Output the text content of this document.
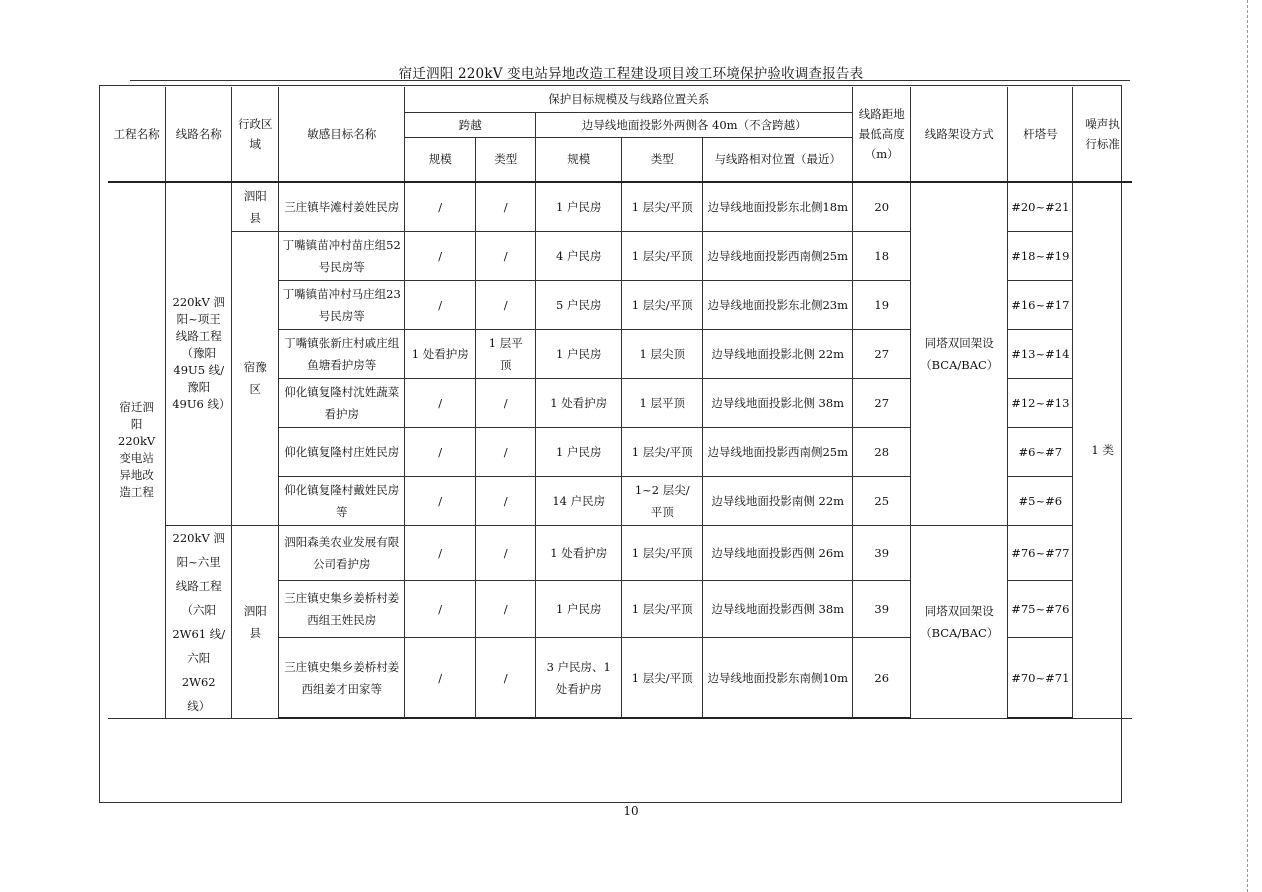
宿迁泗阳 220kV 变电站异地改造工程建设项目竣工环境保护验收调查报告表
工程名称	线路名称	行政区域	敏感目标名称	保护目标规模及与线路位置关系					线路距地最低高度（m）	线路架设方式	杆塔号	噪声执行标准
				跨越		边导线地面投影外两侧各 40m（不含跨越）						
				规模	类型	规模	类型	与线路相对位置（最近）				
宿迁泗阳220kV变电站异地改造工程	220kV 泗阳~项王线路工程（豫阳49U5 线/豫阳49U6 线）	泗阳县	三庄镇毕滩村姜姓民房	/	/	1 户民房	1 层尖/平顶	边导线地面投影东北侧18m	20	同塔双回架设（BCA/BAC）	#20~#21	1 类
		宿豫区	丁嘴镇苗冲村苗庄组52 号民房等	/	/	4 户民房	1 层尖/平顶	边导线地面投影西南侧25m	18		#18~#19	
			丁嘴镇苗冲村马庄组23 号民房等	/	/	5 户民房	1 层尖/平顶	边导线地面投影东北侧23m	19		#16~#17	
			丁嘴镇张新庄村戚庄组鱼塘看护房等	1 处看护房	1 层平顶	1 户民房	1 层尖顶	边导线地面投影北侧 22m	27		#13~#14	
			仰化镇复隆村沈姓蔬菜看护房	/	/	1 处看护房	1 层平顶	边导线地面投影北侧 38m	27		#12~#13	
			仰化镇复隆村庄姓民房	/	/	1 户民房	1 层尖/平顶	边导线地面投影西南侧25m	28		#6~#7	
			仰化镇复隆村戴姓民房等	/	/	14 户民房	1~2 层尖/平顶	边导线地面投影南侧 22m	25		#5~#6	
	220kV 泗阳~六里线路工程（六阳2W61 线/六阳2W62 线）	泗阳县	泗阳森美农业发展有限公司看护房	/	/	1 处看护房	1 层尖/平顶	边导线地面投影西侧 26m	39	同塔双回架设（BCA/BAC）	#76~#77	
			三庄镇史集乡姜桥村姜西组王姓民房	/	/	1 户民房	1 层尖/平顶	边导线地面投影西侧 38m	39		#75~#76	
			三庄镇史集乡姜桥村姜西组姜才田家等	/	/	3 户民房、1 处看护房	1 层尖/平顶	边导线地面投影东南侧10m	26		#70~#71	
10
